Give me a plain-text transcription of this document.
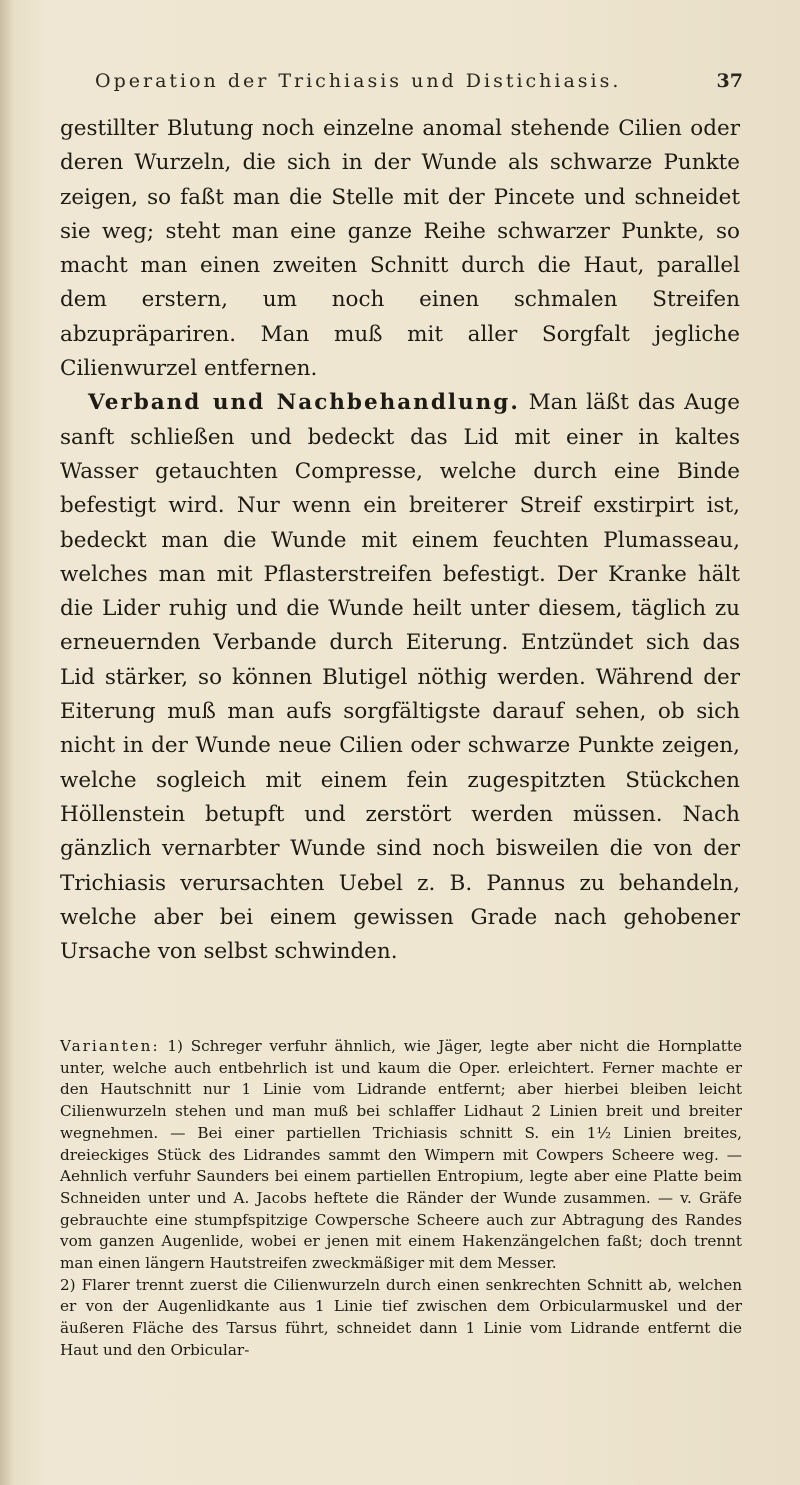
Operation der Trichiasis und Distichiasis.	37

gestillter Blutung noch einzelne anomal stehende Cilien oder deren Wurzeln, die sich in der Wunde als schwarze Punkte zeigen, so faßt man die Stelle mit der Pincete und schneidet sie weg; steht man eine ganze Reihe schwarzer Punkte, so macht man einen zweiten Schnitt durch die Haut, parallel dem erstern, um noch einen schmalen Streifen abzupräpariren. Man muß mit aller Sorgfalt jegliche Cilienwurzel entfernen.

Verband und Nachbehandlung. Man läßt das Auge sanft schließen und bedeckt das Lid mit einer in kaltes Wasser getauchten Compresse, welche durch eine Binde befestigt wird. Nur wenn ein breiterer Streif exstirpirt ist, bedeckt man die Wunde mit einem feuchten Plumasseau, welches man mit Pflasterstreifen befestigt. Der Kranke hält die Lider ruhig und die Wunde heilt unter diesem, täglich zu erneuernden Verbande durch Eiterung. Entzündet sich das Lid stärker, so können Blutigel nöthig werden. Während der Eiterung muß man aufs sorgfältigste darauf sehen, ob sich nicht in der Wunde neue Cilien oder schwarze Punkte zeigen, welche sogleich mit einem fein zugespitzten Stückchen Höllenstein betupft und zerstört werden müssen. Nach gänzlich vernarbter Wunde sind noch bisweilen die von der Trichiasis verursachten Uebel z. B. Pannus zu behandeln, welche aber bei einem gewissen Grade nach gehobener Ursache von selbst schwinden.

Varianten: 1) Schreger verfuhr ähnlich, wie Jäger, legte aber nicht die Hornplatte unter, welche auch entbehrlich ist und kaum die Oper. erleichtert. Ferner machte er den Hautschnitt nur 1 Linie vom Lidrande entfernt; aber hierbei bleiben leicht Cilienwurzeln stehen und man muß bei schlaffer Lidhaut 2 Linien breit und breiter wegnehmen. — Bei einer partiellen Trichiasis schnitt S. ein 1½ Linien breites, dreieckiges Stück des Lidrandes sammt den Wimpern mit Cowpers Scheere weg. — Aehnlich verfuhr Saunders bei einem partiellen Entropium, legte aber eine Platte beim Schneiden unter und A. Jacobs heftete die Ränder der Wunde zusammen. — v. Gräfe gebrauchte eine stumpfspitzige Cowpersche Scheere auch zur Abtragung des Randes vom ganzen Augenlide, wobei er jenen mit einem Hakenzängelchen faßt; doch trennt man einen längern Hautstreifen zweckmäßiger mit dem Messer.

2) Flarer trennt zuerst die Cilienwurzeln durch einen senkrechten Schnitt ab, welchen er von der Augenlidkante aus 1 Linie tief zwischen dem Orbicularmuskel und der äußeren Fläche des Tarsus führt, schneidet dann 1 Linie vom Lidrande entfernt die Haut und den Orbicular-
